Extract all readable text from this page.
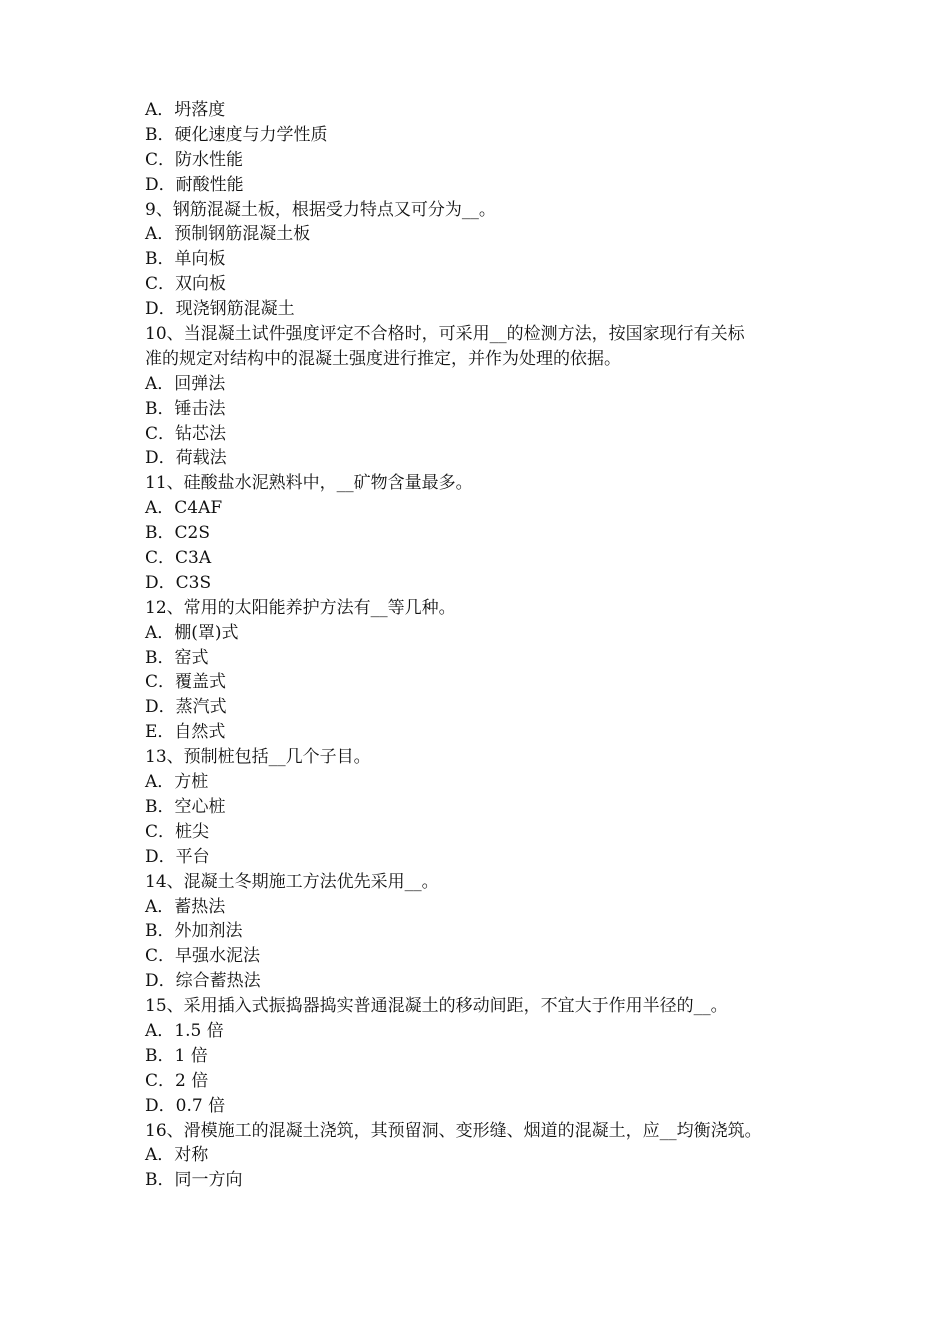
A．坍落度
B．硬化速度与力学性质
C．防水性能
D．耐酸性能
9、钢筋混凝土板，根据受力特点又可分为__。
A．预制钢筋混凝土板
B．单向板
C．双向板
D．现浇钢筋混凝土
10、当混凝土试件强度评定不合格时，可采用__的检测方法，按国家现行有关标
准的规定对结构中的混凝土强度进行推定，并作为处理的依据。
A．回弹法
B．锤击法
C．钻芯法
D．荷载法
11、硅酸盐水泥熟料中，__矿物含量最多。
A．C4AF
B．C2S
C．C3A
D．C3S
12、常用的太阳能养护方法有__等几种。
A．棚(罩)式
B．窑式
C．覆盖式
D．蒸汽式
E．自然式
13、预制桩包括__几个子目。
A．方桩
B．空心桩
C．桩尖
D．平台
14、混凝土冬期施工方法优先采用__。
A．蓄热法
B．外加剂法
C．早强水泥法
D．综合蓄热法
15、采用插入式振捣器捣实普通混凝土的移动间距，不宜大于作用半径的__。
A．1.5 倍
B．1 倍
C．2 倍
D．0.7 倍
16、滑模施工的混凝土浇筑，其预留洞、变形缝、烟道的混凝土，应__均衡浇筑。
A．对称
B．同一方向
